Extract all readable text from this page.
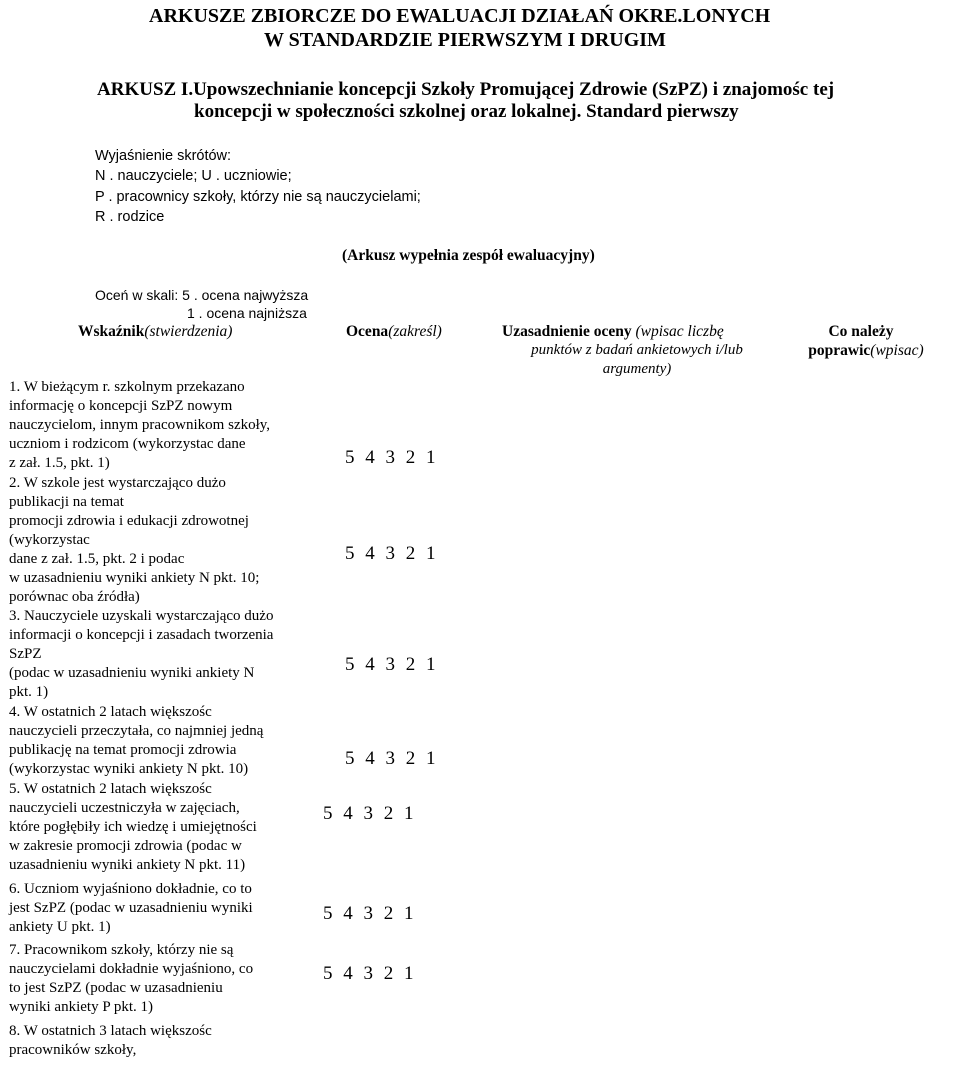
ARKUSZE ZBIORCZE DO EWALUACJI DZIAŁAŃ OKRE.LONYCH
W STANDARDZIE PIERWSZYM I DRUGIM
ARKUSZ I.Upowszechnianie koncepcji Szkoły Promującej Zdrowie (SzPZ) i znajomośc tej
koncepcji w społeczności szkolnej oraz lokalnej. Standard pierwszy
Wyjaśnienie skrótów:
N . nauczyciele; U . uczniowie;
P . pracownicy szkoły, którzy nie są nauczycielami;
R . rodzice
(Arkusz wypełnia zespół ewaluacyjny)
Oceń w skali: 5 . ocena najwyższa
1 . ocena najniższa
Wskaźnik(stwierdzenia)	Ocena(zakreśl)	Uzasadnienie oceny (wpisac liczbę
punktów z badań ankietowych i/lub
argumenty)
Co należy
poprawic(wpisac)
1. W bieżącym r. szkolnym przekazano
informację o koncepcji SzPZ nowym
nauczycielom, innym pracownikom szkoły,
uczniom i rodzicom (wykorzystac dane
z zał. 1.5, pkt. 1)	5 4 3 2 1
2. W szkole jest wystarczająco dużo
publikacji na temat
promocji zdrowia i edukacji zdrowotnej
(wykorzystac
dane z zał. 1.5, pkt. 2 i podac
w uzasadnieniu wyniki ankiety N pkt. 10;
porównac oba źródła)
5 4 3 2 1
3. Nauczyciele uzyskali wystarczająco dużo
informacji o koncepcji i zasadach tworzenia
SzPZ
(podac w uzasadnieniu wyniki ankiety N
pkt. 1)
5 4 3 2 1
4. W ostatnich 2 latach większośc
nauczycieli przeczytała, co najmniej jedną
publikację na temat promocji zdrowia
(wykorzystac wyniki ankiety N pkt. 10)	5 4 3 2 1
5. W ostatnich 2 latach większośc
nauczycieli uczestniczyła w zajęciach,
które pogłębiły ich wiedzę i umiejętności
w zakresie promocji zdrowia (podac w
uzasadnieniu wyniki ankiety N pkt. 11)
5 4 3 2 1
6. Uczniom wyjaśniono dokładnie, co to
jest SzPZ (podac w uzasadnieniu wyniki
ankiety U pkt. 1)
5 4 3 2 1
7. Pracownikom szkoły, którzy nie są
nauczycielami dokładnie wyjaśniono, co
to jest SzPZ (podac w uzasadnieniu
wyniki ankiety P pkt. 1)
5 4 3 2 1
8. W ostatnich 3 latach większośc
pracowników szkoły,
